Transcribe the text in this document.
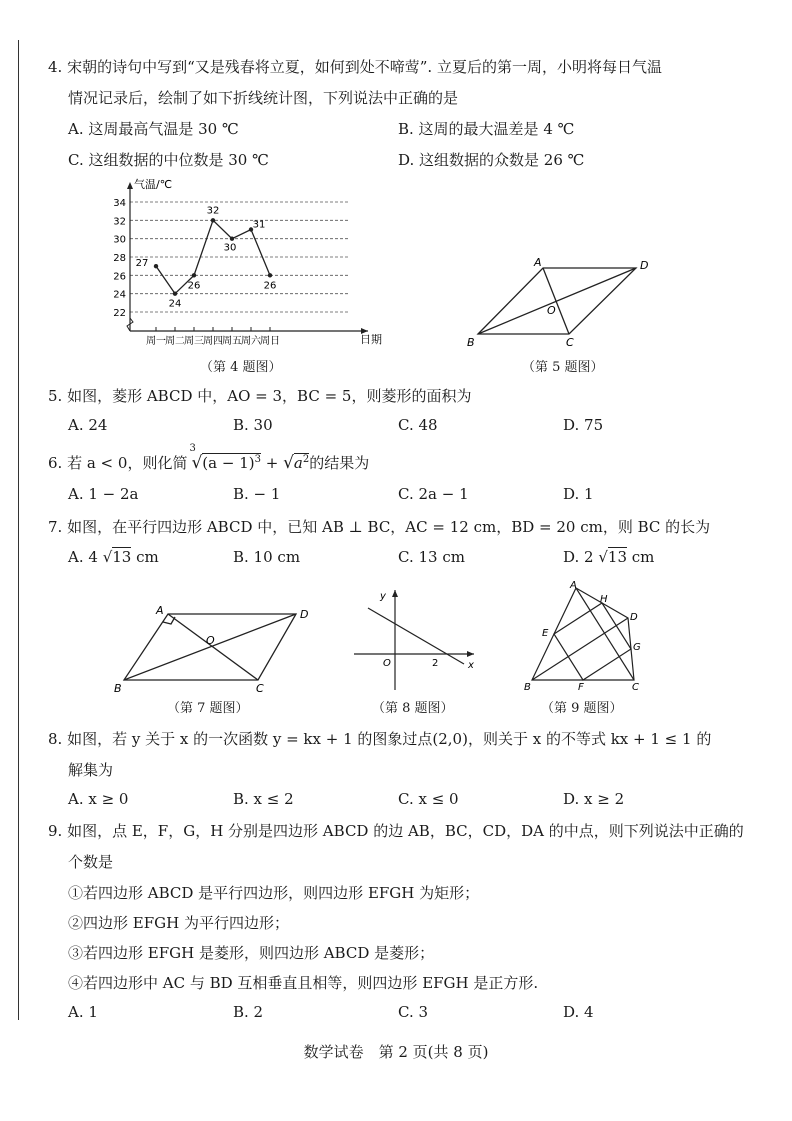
4. 宋朝的诗句中写到“又是残春将立夏，如何到处不啼莺”. 立夏后的第一周，小明将每日气温
情况记录后，绘制了如下折线统计图，下列说法中正确的是
A. 这周最高气温是 30 ℃	B. 这周的最大温差是 4 ℃
C. 这组数据的中位数是 30 ℃	D. 这组数据的众数是 26 ℃
22
24
26
28
30
32
34
周一 周二 周三 周四 周五 周六 周日
27
24
26
32
30
31
26
气温/℃
日期
（第 4 题图）
A	D
B	C
O
（第 5 题图）
5. 如图，菱形 ABCD 中，AO = 3，BC = 5，则菱形的面积为
A. 24	B. 30	C. 48	D. 75
6. 若 a < 0，则化简
3
$√(a - 1)^3 + √a^2$的结果为
A. 1 − 2a	B. − 1	C. 2a − 1	D. 1
7. 如图，在平行四边形 ABCD 中，已知 AB ⊥ BC，AC = 12 cm，BD = 20 cm，则 BC 的长为
A. 4 √13 cm	B. 10 cm	C. 13 cm	D. 2 √13 cm
A	D
B	C
O
（第 7 题图）
y
x
O	2
（第 8 题图）
A
H
D
E
G
B	F	C
（第 9 题图）
8. 如图，若 y 关于 x 的一次函数 y = kx + 1 的图象过点(2,0)，则关于 x 的不等式 kx + 1 ≤ 1 的
解集为
A. x ≥ 0	B. x ≤ 2	C. x ≤ 0	D. x ≥ 2
9. 如图，点 E，F，G，H 分别是四边形 ABCD 的边 AB，BC，CD，DA 的中点，则下列说法中正确的
个数是
①若四边形 ABCD 是平行四边形，则四边形 EFGH 为矩形；
②四边形 EFGH 为平行四边形；
③若四边形 EFGH 是菱形，则四边形 ABCD 是菱形；
④若四边形中 AC 与 BD 互相垂直且相等，则四边形 EFGH 是正方形.
A. 1	B. 2	C. 3	D. 4
数学试卷　第 2 页(共 8 页)
